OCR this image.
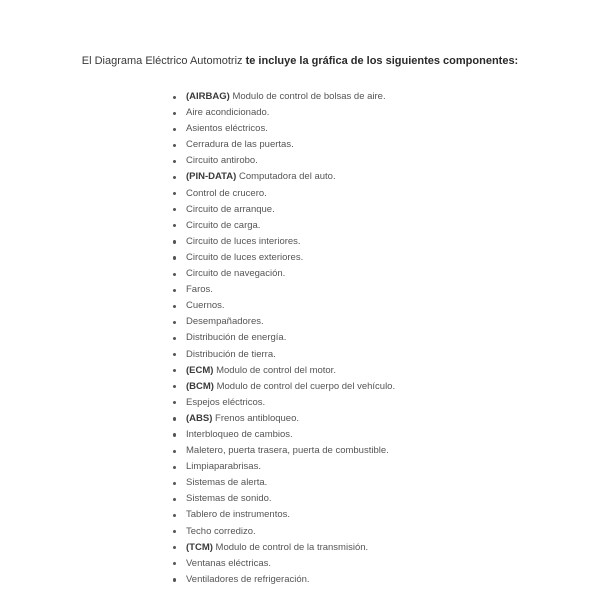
El Diagrama Eléctrico Automotriz te incluye la gráfica de los siguientes componentes:

(AIRBAG) Modulo de control de bolsas de aire.
Aire acondicionado.
Asientos eléctricos.
Cerradura de las puertas.
Circuito antirobo.
(PIN-DATA) Computadora del auto.
Control de crucero.
Circuito de arranque.
Circuito de carga.
Circuito de luces interiores.
Circuito de luces exteriores.
Circuito de navegación.
Faros.
Cuernos.
Desempañadores.
Distribución de energía.
Distribución de tierra.
(ECM) Modulo de control del motor.
(BCM) Modulo de control del cuerpo del vehículo.
Espejos eléctricos.
(ABS) Frenos antibloqueo.
Interbloqueo de cambios.
Maletero, puerta trasera, puerta de combustible.
Limpiaparabrisas.
Sistemas de alerta.
Sistemas de sonido.
Tablero de instrumentos.
Techo corredizo.
(TCM) Modulo de control de la transmisión.
Ventanas eléctricas.
Ventiladores de refrigeración.
